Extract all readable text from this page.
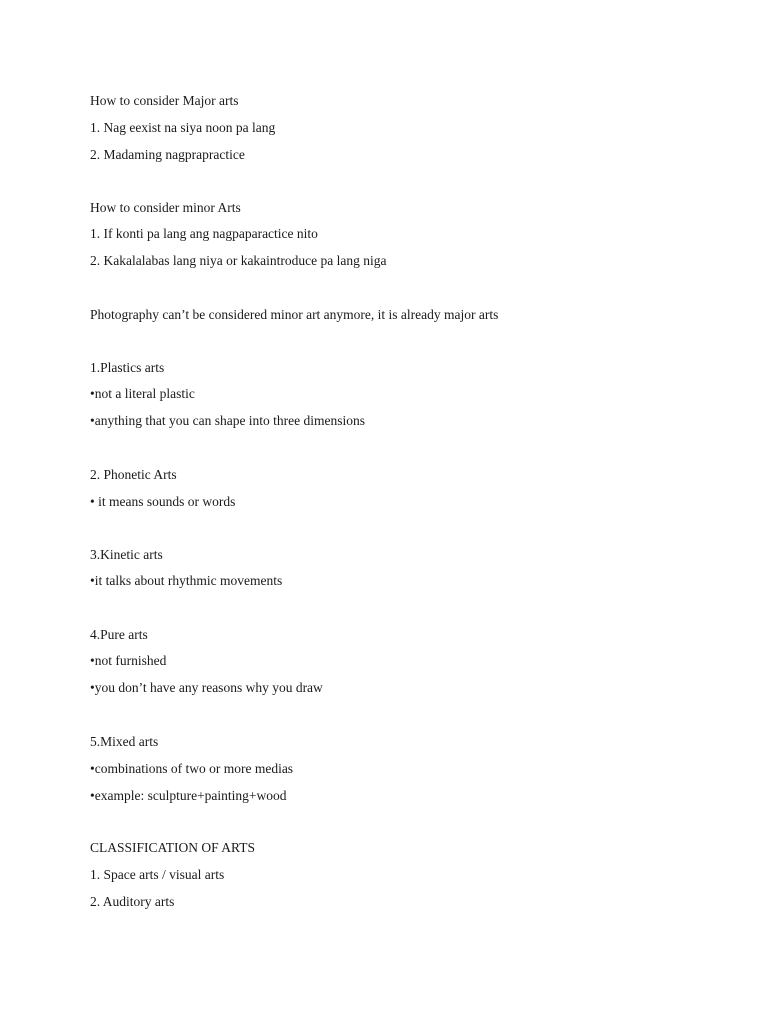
How to consider Major arts
1. Nag eexist na siya noon pa lang
2. Madaming nagprapractice
How to consider minor Arts
1. If konti pa lang ang nagpaparactice nito
2. Kakalalabas lang niya or kakaintroduce pa lang niga
Photography can’t be considered minor art anymore, it is already major arts
1.Plastics arts
•not a literal plastic
•anything that you can shape into three dimensions
2. Phonetic Arts
• it means sounds or words
3.Kinetic arts
•it talks about rhythmic movements
4.Pure arts
•not furnished
•you don’t have any reasons why you draw
5.Mixed arts
•combinations of two or more medias
•example: sculpture+painting+wood
CLASSIFICATION OF ARTS
1. Space arts / visual arts
2. Auditory arts
